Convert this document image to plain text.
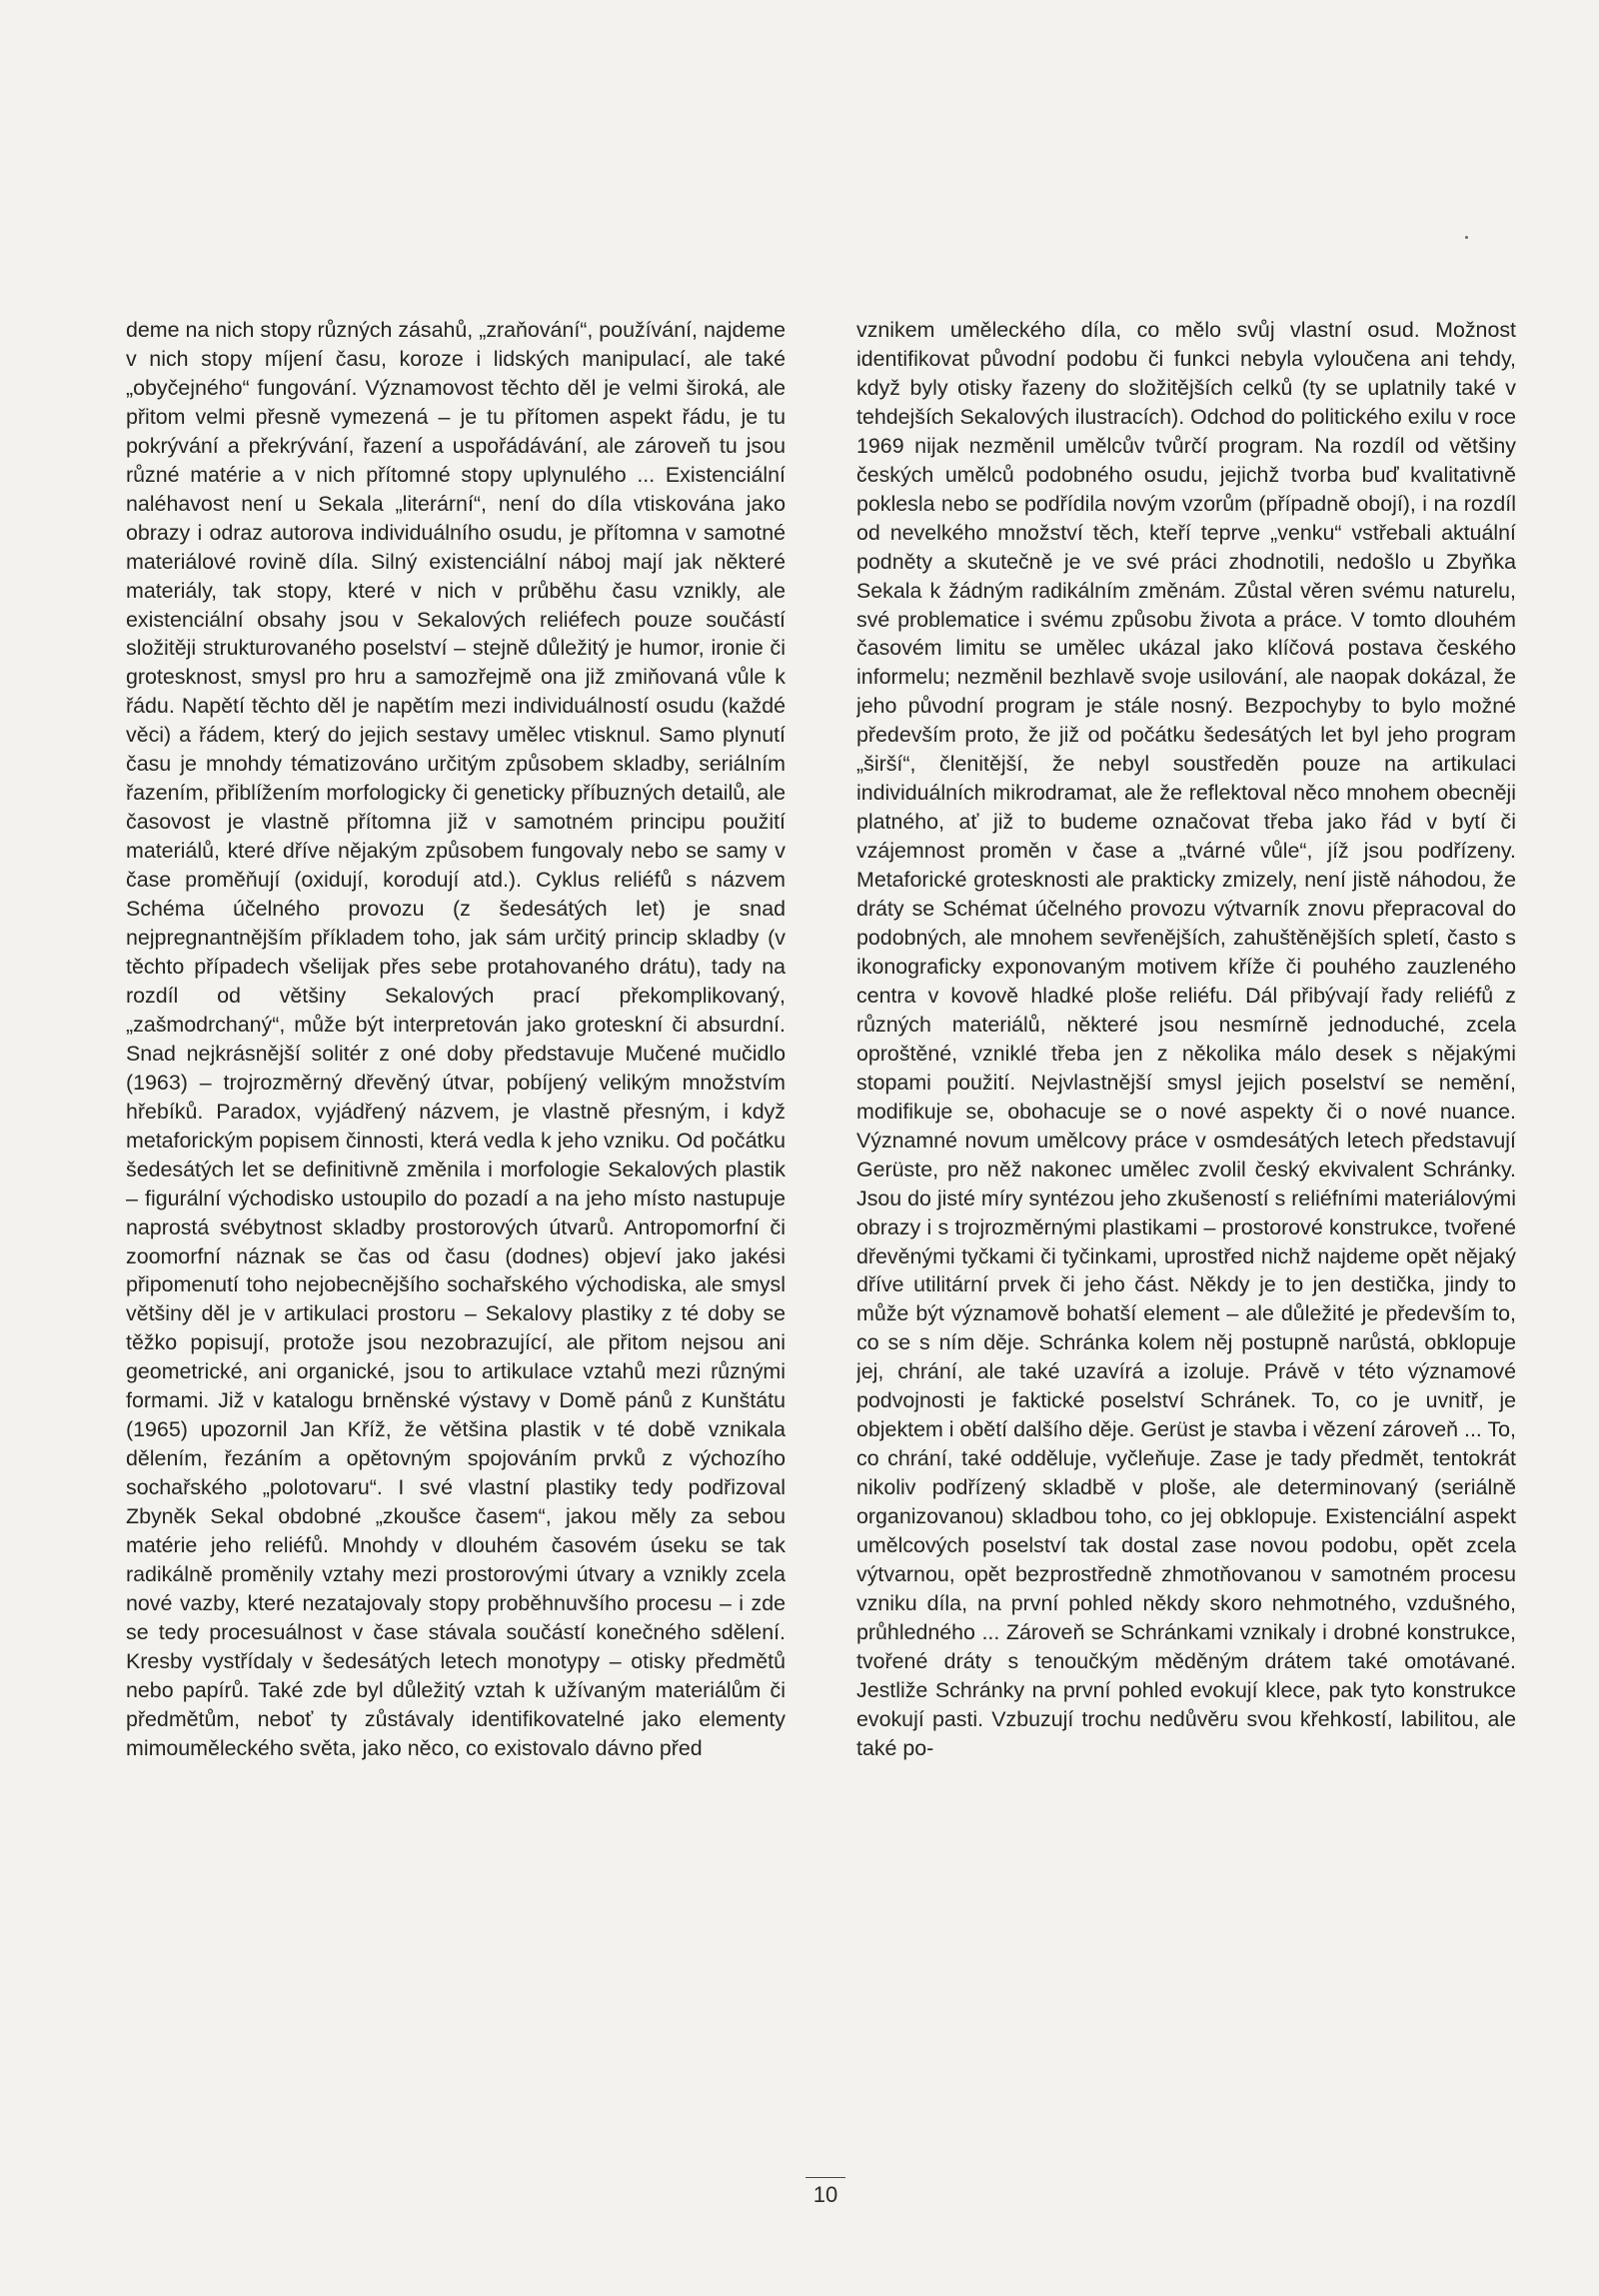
deme na nich stopy různých zásahů, „zraňování“, používání, najdeme v nich stopy míjení času, koroze i lidských manipulací, ale také „obyčejného“ fungování. Významovost těchto děl je velmi široká, ale přitom velmi přesně vymezená – je tu přítomen aspekt řádu, je tu pokrývání a překrývání, řazení a uspořádávání, ale zároveň tu jsou různé matérie a v nich přítomné stopy uplynulého ... Existenciální naléhavost není u Sekala „literární“, není do díla vtiskována jako obrazy i odraz autorova individuálního osudu, je přítomna v samotné materiálové rovině díla. Silný existenciální náboj mají jak některé materiály, tak stopy, které v nich v průběhu času vznikly, ale existenciální obsahy jsou v Sekalových reliéfech pouze součástí složitěji strukturovaného poselství – stejně důležitý je humor, ironie či grotesknost, smysl pro hru a samozřejmě ona již zmiňovaná vůle k řádu. Napětí těchto děl je napětím mezi individuálností osudu (každé věci) a řádem, který do jejich sestavy umělec vtisknul. Samo plynutí času je mnohdy tématizováno určitým způsobem skladby, seriálním řazením, přiblížením morfologicky či geneticky příbuzných detailů, ale časovost je vlastně přítomna již v samotném principu použití materiálů, které dříve nějakým způsobem fungovaly nebo se samy v čase proměňují (oxidují, korodují atd.). Cyklus reliéfů s názvem Schéma účelného provozu (z šedesátých let) je snad nejpregnantnějším příkladem toho, jak sám určitý princip skladby (v těchto případech všelijak přes sebe protahovaného drátu), tady na rozdíl od většiny Sekalových prací překomplikovaný, „zašmodrchaný“, může být interpretován jako groteskní či absurdní. Snad nejkrásnější solitér z oné doby představuje Mučené mučidlo (1963) – trojrozměrný dřevěný útvar, pobíjený velikým množstvím hřebíků. Paradox, vyjádřený názvem, je vlastně přesným, i když metaforickým popisem činnosti, která vedla k jeho vzniku. Od počátku šedesátých let se definitivně změnila i morfologie Sekalových plastik – figurální východisko ustoupilo do pozadí a na jeho místo nastupuje naprostá svébytnost skladby prostorových útvarů. Antropomorfní či zoomorfní náznak se čas od času (dodnes) objeví jako jakési připomenutí toho nejobecnějšího sochařského východiska, ale smysl většiny děl je v artikulaci prostoru – Sekalovy plastiky z té doby se těžko popisují, protože jsou nezobrazující, ale přitom nejsou ani geometrické, ani organické, jsou to artikulace vztahů mezi různými formami. Již v katalogu brněnské výstavy v Domě pánů z Kunštátu (1965) upozornil Jan Kříž, že většina plastik v té době vznikala dělením, řezáním a opětovným spojováním prvků z výchozího sochařského „polotovaru“. I své vlastní plastiky tedy podřizoval Zbyněk Sekal obdobné „zkoušce časem“, jakou měly za sebou matérie jeho reliéfů. Mnohdy v dlouhém časovém úseku se tak radikálně proměnily vztahy mezi prostorovými útvary a vznikly zcela nové vazby, které nezatajovaly stopy proběhnuvšího procesu – i zde se tedy procesuálnost v čase stávala součástí konečného sdělení. Kresby vystřídaly v šedesátých letech monotypy – otisky předmětů nebo papírů. Také zde byl důležitý vztah k užívaným materiálům či předmětům, neboť ty zůstávaly identifikovatelné jako elementy mimouměleckého světa, jako něco, co existovalo dávno před

vznikem uměleckého díla, co mělo svůj vlastní osud. Možnost identifikovat původní podobu či funkci nebyla vyloučena ani tehdy, když byly otisky řazeny do složitějších celků (ty se uplatnily také v tehdejších Sekalových ilustracích). Odchod do politického exilu v roce 1969 nijak nezměnil umělcův tvůrčí program. Na rozdíl od většiny českých umělců podobného osudu, jejichž tvorba buď kvalitativně poklesla nebo se podřídila novým vzorům (případně obojí), i na rozdíl od nevelkého množství těch, kteří teprve „venku“ vstřebali aktuální podněty a skutečně je ve své práci zhodnotili, nedošlo u Zbyňka Sekala k žádným radikálním změnám. Zůstal věren svému naturelu, své problematice i svému způsobu života a práce. V tomto dlouhém časovém limitu se umělec ukázal jako klíčová postava českého informelu; nezměnil bezhlavě svoje usilování, ale naopak dokázal, že jeho původní program je stále nosný. Bezpochyby to bylo možné především proto, že již od počátku šedesátých let byl jeho program „širší“, členitější, že nebyl soustředěn pouze na artikulaci individuálních mikrodramat, ale že reflektoval něco mnohem obecněji platného, ať již to budeme označovat třeba jako řád v bytí či vzájemnost proměn v čase a „tvárné vůle“, jíž jsou podřízeny. Metaforické grotesknosti ale prakticky zmizely, není jistě náhodou, že dráty se Schémat účelného provozu výtvarník znovu přepracoval do podobných, ale mnohem sevřenějších, zahuštěnějších spletí, často s ikonograficky exponovaným motivem kříže či pouhého zauzleného centra v kovově hladké ploše reliéfu. Dál přibývají řady reliéfů z různých materiálů, některé jsou nesmírně jednoduché, zcela oproštěné, vzniklé třeba jen z několika málo desek s nějakými stopami použití. Nejvlastnější smysl jejich poselství se nemění, modifikuje se, obohacuje se o nové aspekty či o nové nuance. Významné novum umělcovy práce v osmdesátých letech představují Gerüste, pro něž nakonec umělec zvolil český ekvivalent Schránky. Jsou do jisté míry syntézou jeho zkušeností s reliéfními materiálovými obrazy i s trojrozměrnými plastikami – prostorové konstrukce, tvořené dřevěnými tyčkami či tyčinkami, uprostřed nichž najdeme opět nějaký dříve utilitární prvek či jeho část. Někdy je to jen destička, jindy to může být významově bohatší element – ale důležité je především to, co se s ním děje. Schránka kolem něj postupně narůstá, obklopuje jej, chrání, ale také uzavírá a izoluje. Právě v této významové podvojnosti je faktické poselství Schránek. To, co je uvnitř, je objektem i obětí dalšího děje. Gerüst je stavba i vězení zároveň ... To, co chrání, také odděluje, vyčleňuje. Zase je tady předmět, tentokrát nikoliv podřízený skladbě v ploše, ale determinovaný (seriálně organizovanou) skladbou toho, co jej obklopuje. Existenciální aspekt umělcových poselství tak dostal zase novou podobu, opět zcela výtvarnou, opět bezprostředně zhmotňovanou v samotném procesu vzniku díla, na první pohled někdy skoro nehmotného, vzdušného, průhledného ... Zároveň se Schránkami vznikaly i drobné konstrukce, tvořené dráty s tenoučkým měděným drátem také omotávané. Jestliže Schránky na první pohled evokují klece, pak tyto konstrukce evokují pasti. Vzbuzují trochu nedůvěru svou křehkostí, labilitou, ale také po-

10
